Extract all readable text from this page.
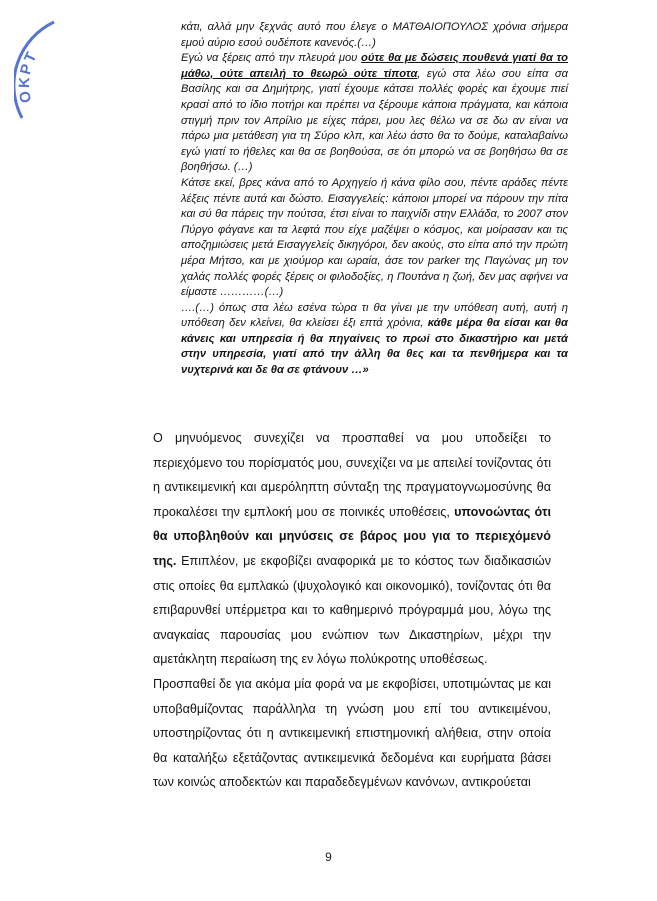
ΟΚΡΤ

κάτι, αλλά μην ξεχνάς αυτό που έλεγε ο ΜΑΤΘΑΙΟΠΟΥΛΟΣ χρόνια σήμερα εμού αύριο εσού ουδέποτε κανενός.(…)

Εγώ να ξέρεις από την πλευρά μου ούτε θα με δώσεις πουθενά γιατί θα το μάθω, ούτε απειλή το θεωρώ ούτε τίποτα, εγώ στα λέω σου είπα σα Βασίλης και σα Δημήτρης, γιατί έχουμε κάτσει πολλές φορές και έχουμε πιεί κρασί από το ίδιο ποτήρι και πρέπει να ξέρουμε κάποια πράγματα, και κάποια στιγμή πριν τον Απρίλιο με είχες πάρει, μου λες θέλω να σε δω αν είναι να πάρω μια μετάθεση για τη Σύρο κλπ, και λέω άστο θα το δούμε, καταλαβαίνω εγώ γιατί το ήθελες και θα σε βοηθούσα, σε ότι μπορώ να σε βοηθήσω θα σε βοηθήσω. (…)

Κάτσε εκεί, βρες κάνα από το Αρχηγείο ή κάνα φίλο σου, πέντε αράδες πέντε λέξεις πέντε αυτά και δώστο. Εισαγγελείς: κάποιοι μπορεί να πάρουν την πίτα και σύ θα πάρεις την πούτσα, έτσι είναι το παιχνίδι στην Ελλάδα, το 2007 στον Πύργο φάγανε και τα λεφτά που είχε μαζέψει ο κόσμος, και μοίρασαν και τις αποζημιώσεις μετά Εισαγγελείς δικηγόροι, δεν ακούς, στο είπα από την πρώτη μέρα Μήτσο, και με χιούμορ και ωραία, άσε τον parker της Παγώνας μη τον χαλάς πολλές φορές ξέρεις οι φιλοδοξίες, η Πουτάνα η ζωή, δεν μας αφήνει να είμαστε …………(…)

….(…) όπως στα λέω εσένα τώρα τι θα γίνει με την υπόθεση αυτή, αυτή η υπόθεση δεν κλείνει, θα κλείσει έξι επτά χρόνια, κάθε μέρα θα είσαι και θα κάνεις και υπηρεσία ή θα πηγαίνεις το πρωί στο δικαστήριο και μετά στην υπηρεσία, γιατί από την άλλη θα θες και τα πενθήμερα και τα νυχτερινά και δε θα σε φτάνουν …»

Ο μηνυόμενος συνεχίζει να προσπαθεί να μου υποδείξει το περιεχόμενο του πορίσματός μου, συνεχίζει να με απειλεί τονίζοντας ότι η αντικειμενική και αμερόληπτη σύνταξη της πραγματογνωμοσύνης θα προκαλέσει την εμπλοκή μου σε ποινικές υποθέσεις, υπονοώντας ότι θα υποβληθούν και μηνύσεις σε βάρος μου για το περιεχόμενό της. Επιπλέον, με εκφοβίζει αναφορικά με το κόστος των διαδικασιών στις οποίες θα εμπλακώ (ψυχολογικό και οικονομικό), τονίζοντας ότι θα επιβαρυνθεί υπέρμετρα και το καθημερινό πρόγραμμά μου, λόγω της αναγκαίας παρουσίας μου ενώπιον των Δικαστηρίων, μέχρι την αμετάκλητη περαίωση της εν λόγω πολύκροτης υποθέσεως.

Προσπαθεί δε για ακόμα μία φορά να με εκφοβίσει, υποτιμώντας με και υποβαθμίζοντας παράλληλα τη γνώση μου επί του αντικειμένου, υποστηρίζοντας ότι η αντικειμενική επιστημονική αλήθεια, στην οποία θα καταλήξω εξετάζοντας αντικειμενικά δεδομένα και ευρήματα βάσει των κοινώς αποδεκτών και παραδεδεγμένων κανόνων, αντικρούεται

9
